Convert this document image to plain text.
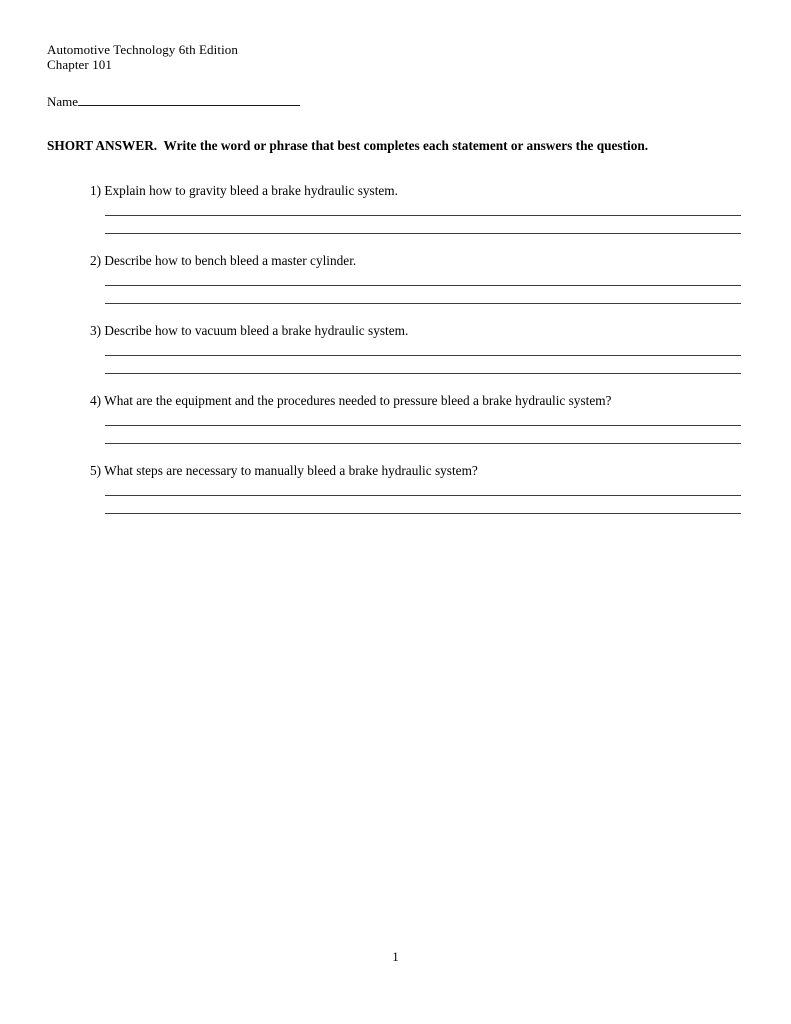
Automotive Technology 6th Edition
Chapter 101
Name
SHORT ANSWER.  Write the word or phrase that best completes each statement or answers the question.
1) Explain how to gravity bleed a brake hydraulic system.
2) Describe how to bench bleed a master cylinder.
3) Describe how to vacuum bleed a brake hydraulic system.
4) What are the equipment and the procedures needed to pressure bleed a brake hydraulic system?
5) What steps are necessary to manually bleed a brake hydraulic system?
1
